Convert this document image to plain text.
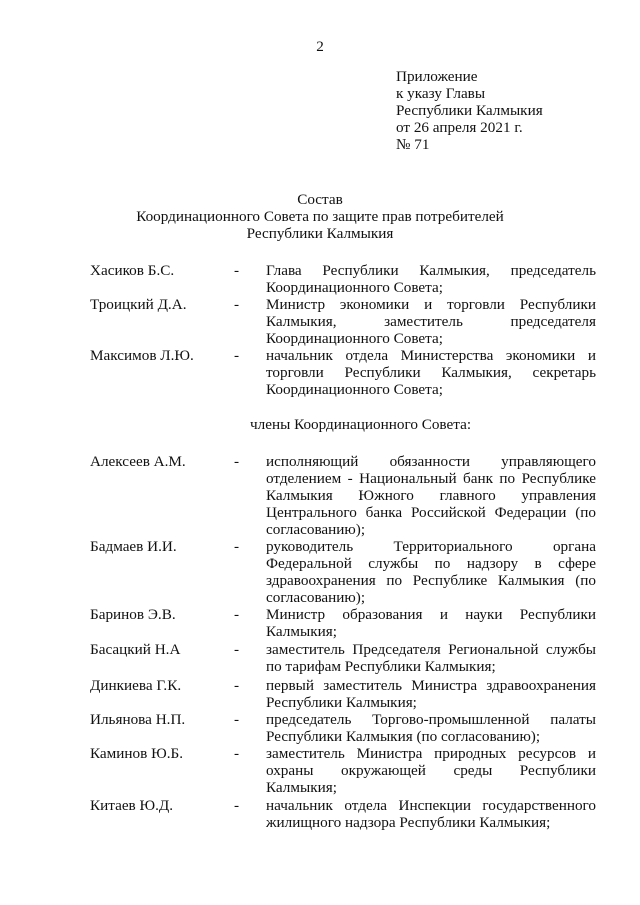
2
Приложение
к указу Главы
Республики Калмыкия
от 26 апреля 2021 г.
№ 71
Состав
Координационного Совета по защите прав потребителей
Республики Калмыкия
Хасиков Б.С.	- Глава Республики Калмыкия, председатель
Координационного Совета;
Троицкий Д.А.	- Министр экономики и торговли Республики
Калмыкия, заместитель председателя
Координационного Совета;
Максимов Л.Ю.	- начальник отдела Министерства экономики и
торговли Республики Калмыкия, секретарь
Координационного Совета;
члены Координационного Совета:
Алексеев А.М.	- исполняющий обязанности управляющего
отделением - Национальный банк по Республике
Калмыкия Южного главного управления
Центрального банка Российской Федерации (по
согласованию);
Бадмаев И.И.	- руководитель Территориального органа
Федеральной службы по надзору в сфере
здравоохранения по Республике Калмыкия (по
согласованию);
Баринов Э.В.	- Министр образования и науки Республики
Калмыкия;
Басацкий Н.А	- заместитель Председателя Региональной службы
по тарифам Республики Калмыкия;
Динкиева Г.К.	- первый заместитель Министра здравоохранения
Республики Калмыкия;
Ильянова Н.П.	- председатель Торгово-промышленной палаты
Республики Калмыкия (по согласованию);
Каминов Ю.Б.	- заместитель Министра природных ресурсов и
охраны окружающей среды Республики
Калмыкия;
Китаев Ю.Д.	- начальник отдела Инспекции государственного
жилищного надзора Республики Калмыкия;
